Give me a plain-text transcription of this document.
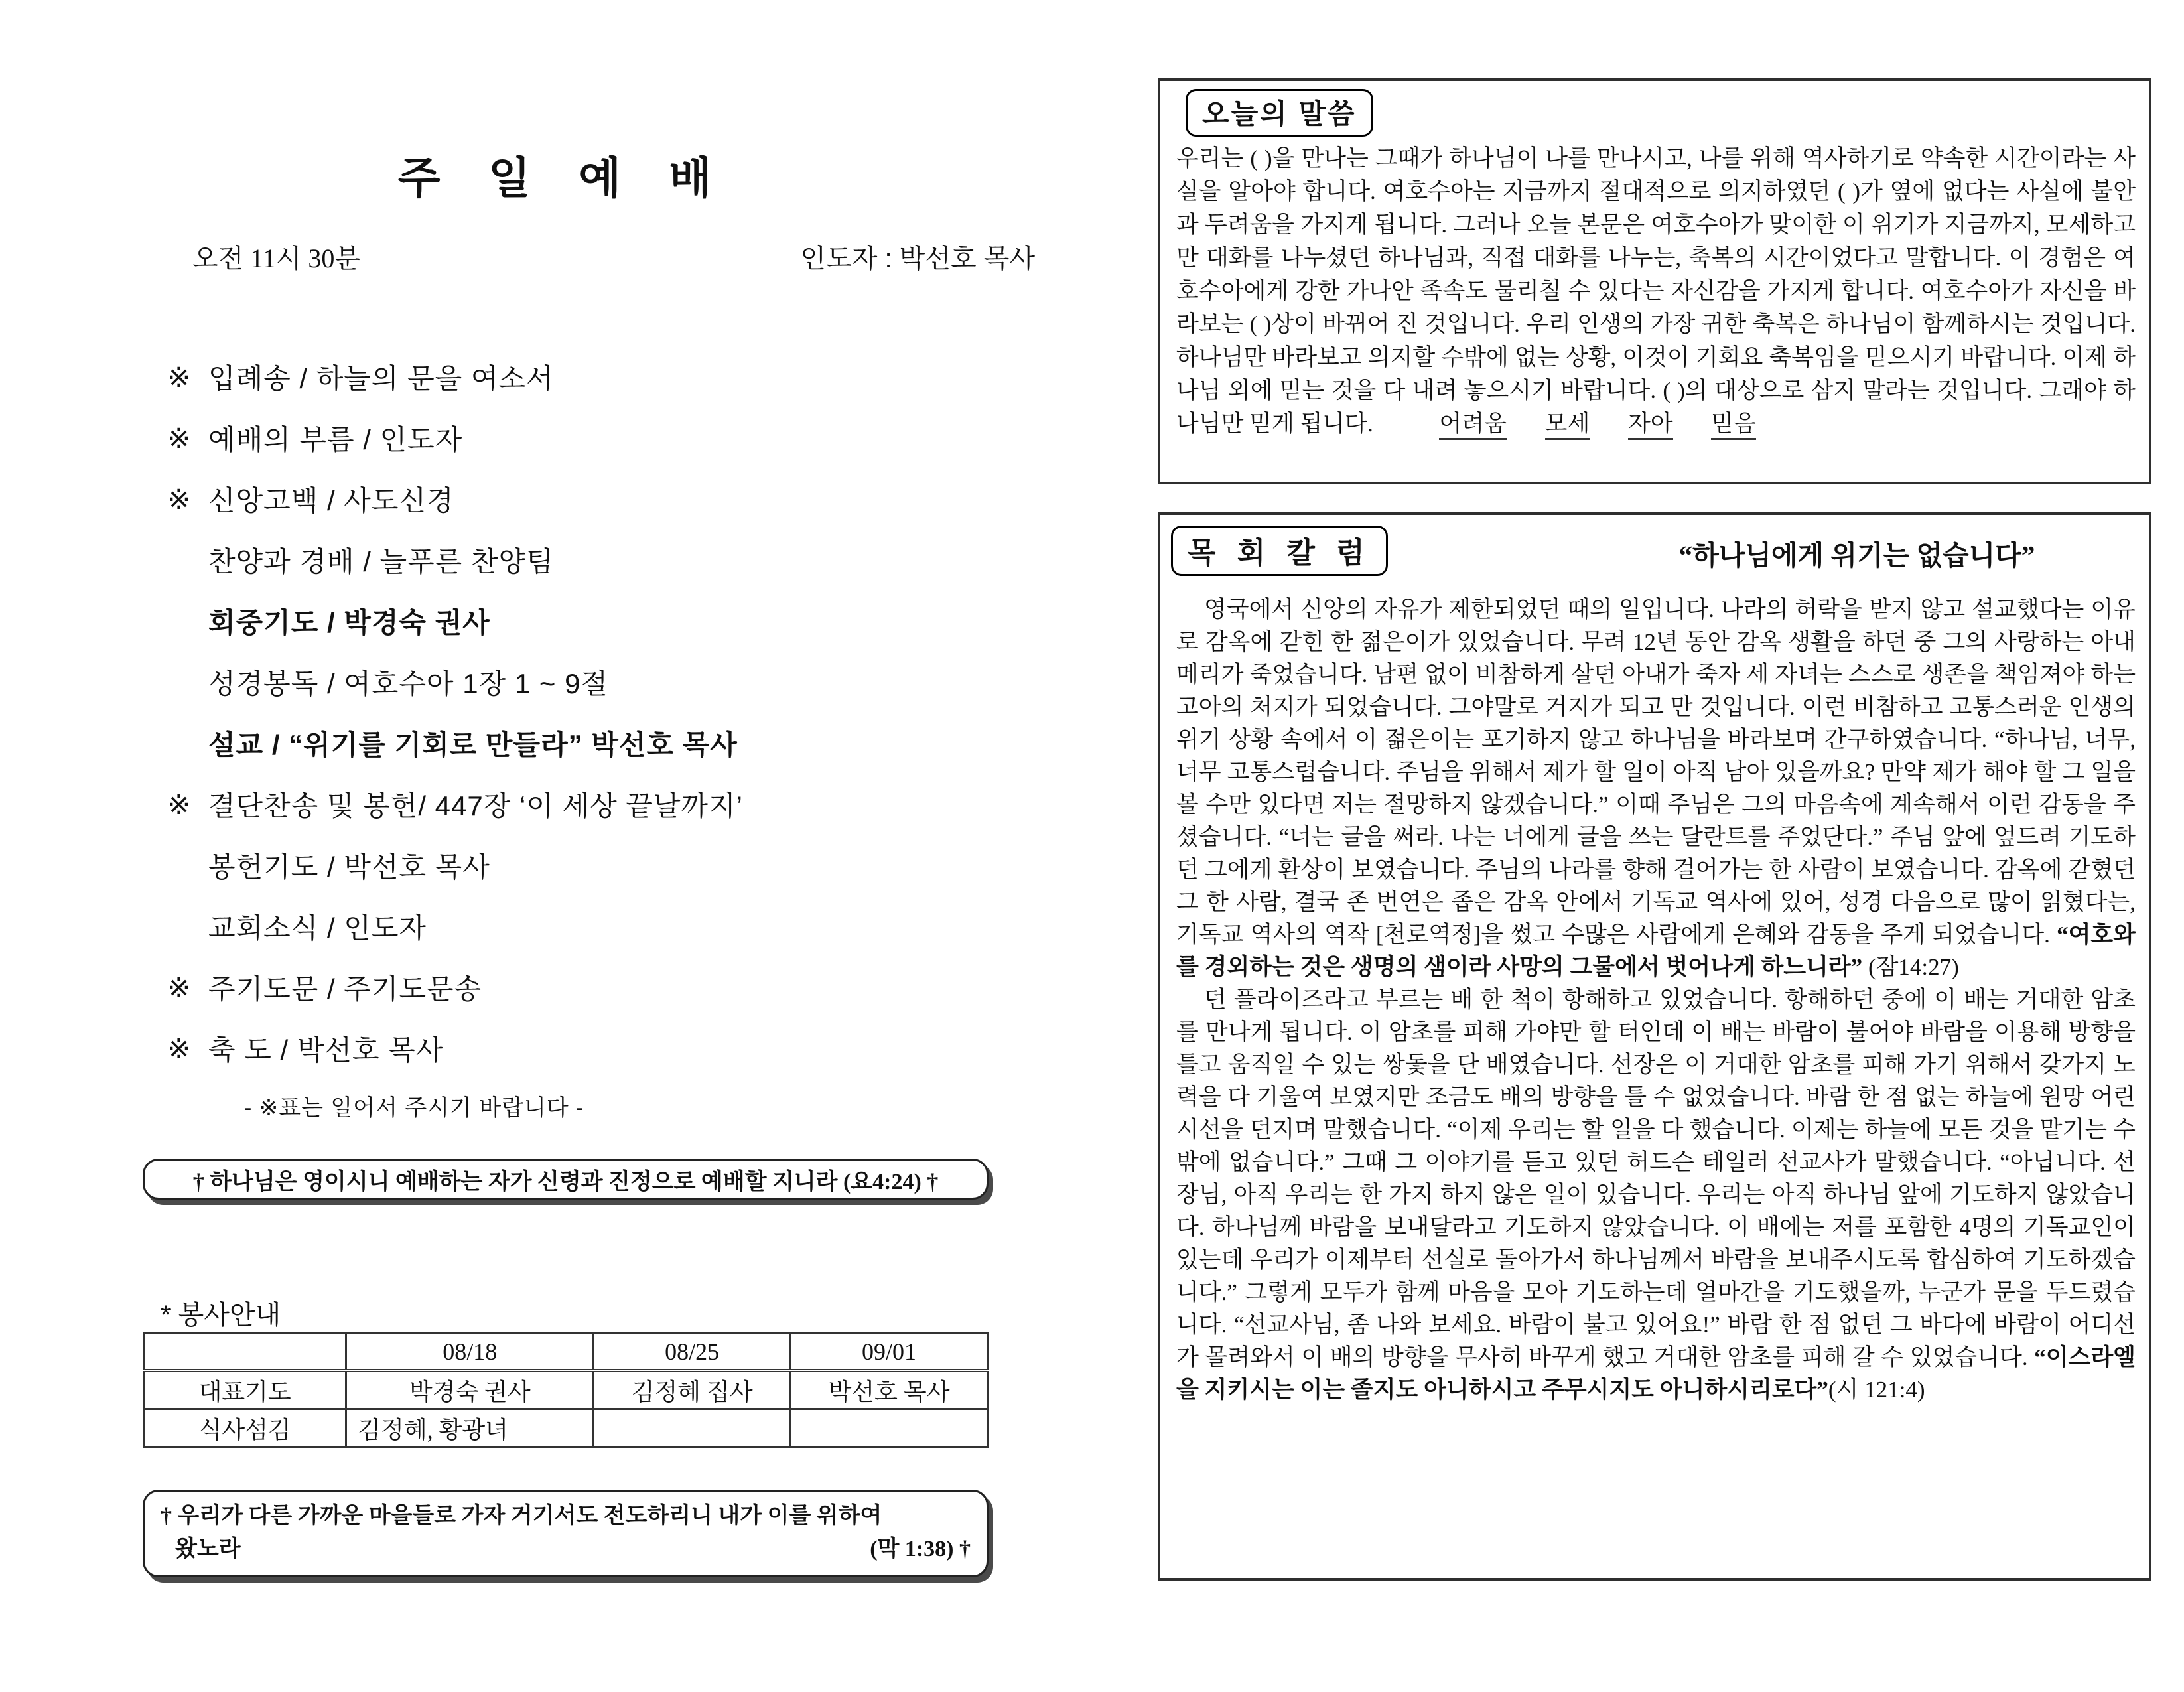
주 일 예 배
오전 11시 30분	인도자 : 박선호 목사
※ 입례송 / 하늘의 문을 여소서
※ 예배의 부름 / 인도자
※ 신앙고백 / 사도신경
찬양과 경배 / 늘푸른 찬양팀
회중기도 / 박경숙 권사
성경봉독 / 여호수아 1장 1 ~ 9절
설교 / “위기를 기회로 만들라” 박선호 목사
※ 결단찬송 및 봉헌/ 447장 ‘이 세상 끝날까지’
봉헌기도 / 박선호 목사
교회소식 / 인도자
※ 주기도문 / 주기도문송
※ 축 도 / 박선호 목사
- ※표는 일어서 주시기 바랍니다 -
† 하나님은 영이시니 예배하는 자가 신령과 진정으로 예배할 지니라 (요4:24) †
* 봉사안내
	08/18	08/25	09/01
대표기도	박경숙 권사	김정혜 집사	박선호 목사
식사섬김	김정혜, 황광녀		
† 우리가 다른 가까운 마을들로 가자 거기서도 전도하리니 내가 이를 위하여
왔노라	(막 1:38) †
오늘의 말씀
우리는 ( )을 만나는 그때가 하나님이 나를 만나시고, 나를 위해 역사하기로 약속한 시간이라는 사실을 알아야 합니다. 여호수아는 지금까지 절대적으로 의지하였던 ( )가 옆에 없다는 사실에 불안과 두려움을 가지게 됩니다. 그러나 오늘 본문은 여호수아가 맞이한 이 위기가 지금까지, 모세하고만 대화를 나누셨던 하나님과, 직접 대화를 나누는, 축복의 시간이었다고 말합니다. 이 경험은 여호수아에게 강한 가나안 족속도 물리칠 수 있다는 자신감을 가지게 합니다. 여호수아가 자신을 바라보는 ( )상이 바뀌어 진 것입니다. 우리 인생의 가장 귀한 축복은 하나님이 함께하시는 것입니다. 하나님만 바라보고 의지할 수밖에 없는 상황, 이것이 기회요 축복임을 믿으시기 바랍니다. 이제 하나님 외에 믿는 것을 다 내려 놓으시기 바랍니다. ( )의 대상으로 삼지 말라는 것입니다. 그래야 하나님만 믿게 됩니다.	어려움 모세 자아 믿음
목 회 칼 럼	“하나님에게 위기는 없습니다”

영국에서 신앙의 자유가 제한되었던 때의 일입니다. 나라의 허락을 받지 않고 설교했다는 이유로 감옥에 갇힌 한 젊은이가 있었습니다. 무려 12년 동안 감옥 생활을 하던 중 그의 사랑하는 아내 메리가 죽었습니다. 남편 없이 비참하게 살던 아내가 죽자 세 자녀는 스스로 생존을 책임져야 하는 고아의 처지가 되었습니다. 그야말로 거지가 되고 만 것입니다. 이런 비참하고 고통스러운 인생의 위기 상황 속에서 이 젊은이는 포기하지 않고 하나님을 바라보며 간구하였습니다. “하나님, 너무, 너무 고통스럽습니다. 주님을 위해서 제가 할 일이 아직 남아 있을까요? 만약 제가 해야 할 그 일을 볼 수만 있다면 저는 절망하지 않겠습니다.” 이때 주님은 그의 마음속에 계속해서 이런 감동을 주셨습니다. “너는 글을 써라. 나는 너에게 글을 쓰는 달란트를 주었단다.” 주님 앞에 엎드려 기도하던 그에게 환상이 보였습니다. 주님의 나라를 향해 걸어가는 한 사람이 보였습니다. 감옥에 갇혔던 그 한 사람, 결국 존 번연은 좁은 감옥 안에서 기독교 역사에 있어, 성경 다음으로 많이 읽혔다는, 기독교 역사의 역작 [천로역정]을 썼고 수많은 사람에게 은혜와 감동을 주게 되었습니다. “여호와를 경외하는 것은 생명의 샘이라 사망의 그물에서 벗어나게 하느니라” (잠14:27)

던 플라이즈라고 부르는 배 한 척이 항해하고 있었습니다. 항해하던 중에 이 배는 거대한 암초를 만나게 됩니다. 이 암초를 피해 가야만 할 터인데 이 배는 바람이 불어야 바람을 이용해 방향을 틀고 움직일 수 있는 쌍돛을 단 배였습니다. 선장은 이 거대한 암초를 피해 가기 위해서 갖가지 노력을 다 기울여 보였지만 조금도 배의 방향을 틀 수 없었습니다. 바람 한 점 없는 하늘에 원망 어린 시선을 던지며 말했습니다. “이제 우리는 할 일을 다 했습니다. 이제는 하늘에 모든 것을 맡기는 수밖에 없습니다.” 그때 그 이야기를 듣고 있던 허드슨 테일러 선교사가 말했습니다. “아닙니다. 선장님, 아직 우리는 한 가지 하지 않은 일이 있습니다. 우리는 아직 하나님 앞에 기도하지 않았습니다. 하나님께 바람을 보내달라고 기도하지 않았습니다. 이 배에는 저를 포함한 4명의 기독교인이 있는데 우리가 이제부터 선실로 돌아가서 하나님께서 바람을 보내주시도록 합심하여 기도하겠습니다.” 그렇게 모두가 함께 마음을 모아 기도하는데 얼마간을 기도했을까, 누군가 문을 두드렸습니다. “선교사님, 좀 나와 보세요. 바람이 불고 있어요!” 바람 한 점 없던 그 바다에 바람이 어디선가 몰려와서 이 배의 방향을 무사히 바꾸게 했고 거대한 암초를 피해 갈 수 있었습니다. “이스라엘을 지키시는 이는 졸지도 아니하시고 주무시지도 아니하시리로다”(시 121:4)
